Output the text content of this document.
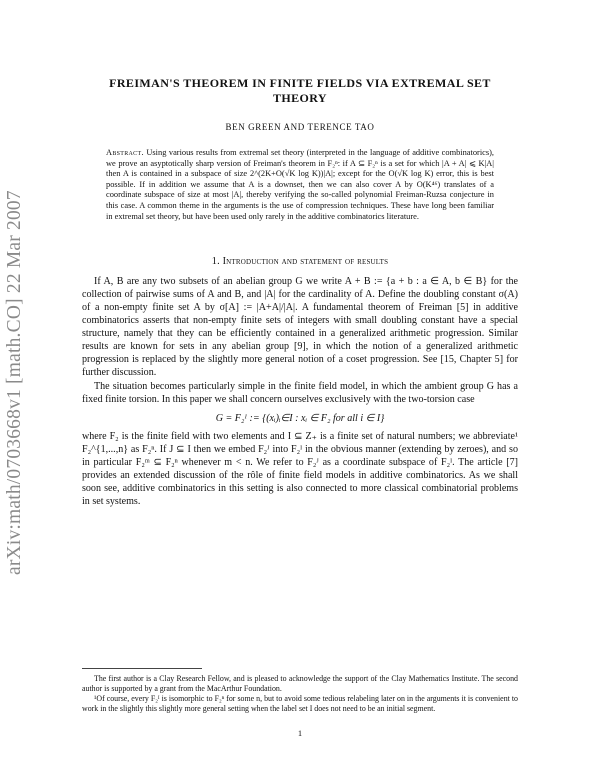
arXiv:math/0703668v1 [math.CO] 22 Mar 2007
FREIMAN'S THEOREM IN FINITE FIELDS VIA EXTREMAL SET THEORY
BEN GREEN AND TERENCE TAO
Abstract. Using various results from extremal set theory (interpreted in the language of additive combinatorics), we prove an asyptotically sharp version of Freiman's theorem in F₂ⁿ: if A ⊆ F₂ⁿ is a set for which |A + A| ⩽ K|A| then A is contained in a subspace of size 2^(2K+O(√K log K))|A|; except for the O(√K log K) error, this is best possible. If in addition we assume that A is a downset, then we can also cover A by O(K⁴⁶) translates of a coordinate subspace of size at most |A|, thereby verifying the so-called polynomial Freiman-Ruzsa conjecture in this case. A common theme in the arguments is the use of compression techniques. These have long been familiar in extremal set theory, but have been used only rarely in the additive combinatorics literature.
1. Introduction and statement of results

If A, B are any two subsets of an abelian group G we write A + B := {a + b : a ∈ A, b ∈ B} for the collection of pairwise sums of A and B, and |A| for the cardinality of A. Define the doubling constant σ(A) of a non-empty finite set A by σ[A] := |A+A|/|A|. A fundamental theorem of Freiman [5] in additive combinatorics asserts that non-empty finite sets of integers with small doubling constant have a special structure, namely that they can be efficiently contained in a generalized arithmetic progression. Similar results are known for sets in any abelian group [9], in which the notion of a generalized arithmetic progression is replaced by the slightly more general notion of a coset progression. See [15, Chapter 5] for further discussion.

The situation becomes particularly simple in the finite field model, in which the ambient group G has a fixed finite torsion. In this paper we shall concern ourselves exclusively with the two-torsion case

G = F₂ᴵ := {(xᵢ)ᵢ∈I : xᵢ ∈ F₂ for all i ∈ I}

where F₂ is the finite field with two elements and I ⊆ Z₊ is a finite set of natural numbers; we abbreviate¹ F₂^{1,...,n} as F₂ⁿ. If J ⊆ I then we embed F₂ᴶ into F₂ᴵ in the obvious manner (extending by zeroes), and so in particular F₂ᵐ ⊆ F₂ⁿ whenever m < n. We refer to F₂ᴶ as a coordinate subspace of F₂ᴵ. The article [7] provides an extended discussion of the rôle of finite field models in additive combinatorics. As we shall soon see, additive combinatorics in this setting is also connected to more classical combinatorial problems in set systems.

The first author is a Clay Research Fellow, and is pleased to acknowledge the support of the Clay Mathematics Institute. The second author is supported by a grant from the MacArthur Foundation.

¹Of course, every F₂ᴵ is isomorphic to F₂ⁿ for some n, but to avoid some tedious relabeling later on in the arguments it is convenient to work in the slightly this slightly more general setting when the label set I does not need to be an initial segment.

1
